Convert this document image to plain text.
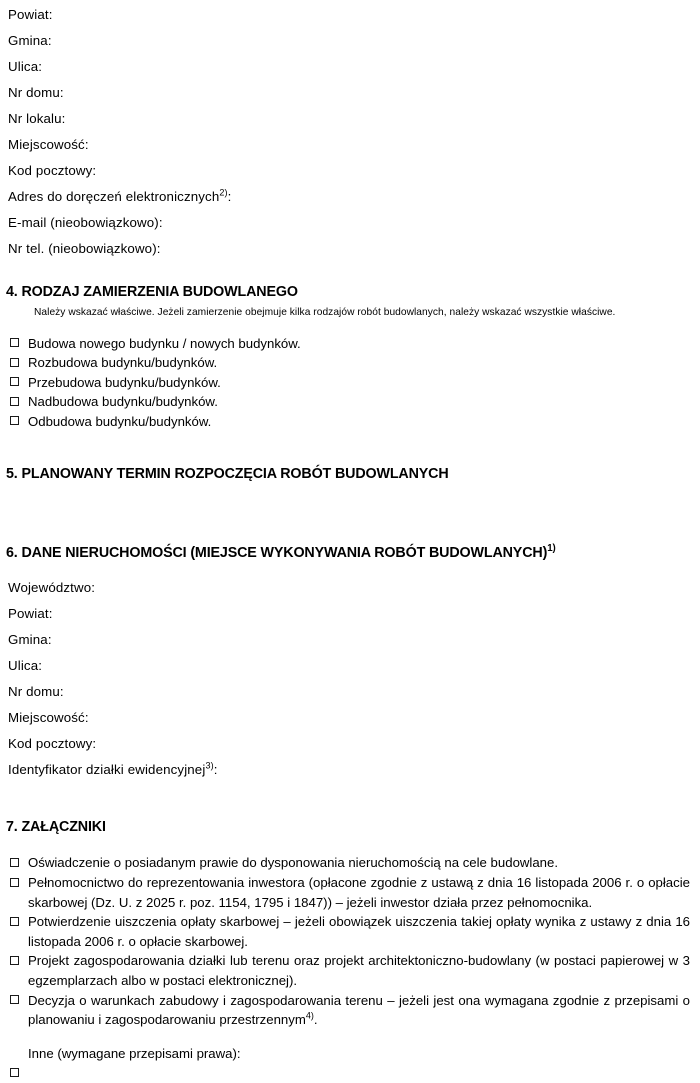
Powiat:
Gmina:
Ulica:
Nr domu:
Nr lokalu:
Miejscowość:
Kod pocztowy:
Adres do doręczeń elektronicznych$^{2)}$:
E-mail (nieobowiązkowo):
Nr tel. (nieobowiązkowo):
4. RODZAJ ZAMIERZENIA BUDOWLANEGO
Należy wskazać właściwe. Jeżeli zamierzenie obejmuje kilka rodzajów robót budowlanych, należy wskazać wszystkie właściwe.
Budowa nowego budynku / nowych budynków.
Rozbudowa budynku/budynków.
Przebudowa budynku/budynków.
Nadbudowa budynku/budynków.
Odbudowa budynku/budynków.
5. PLANOWANY TERMIN ROZPOCZĘCIA ROBÓT BUDOWLANYCH
6. DANE NIERUCHOMOŚCI (MIEJSCE WYKONYWANIA ROBÓT BUDOWLANYCH)$^{1)}$
Województwo:
Powiat:
Gmina:
Ulica:
Nr domu:
Miejscowość:
Kod pocztowy:
Identyfikator działki ewidencyjnej$^{3)}$:
7. ZAŁĄCZNIKI
Oświadczenie o posiadanym prawie do dysponowania nieruchomością na cele budowlane.
Pełnomocnictwo do reprezentowania inwestora (opłacone zgodnie z ustawą z dnia 16 listopada 2006 r. o opłacie skarbowej (Dz. U. z 2025 r. poz. 1154, 1795 i 1847)) – jeżeli inwestor działa przez pełnomocnika.
Potwierdzenie uiszczenia opłaty skarbowej – jeżeli obowiązek uiszczenia takiej opłaty wynika z ustawy z dnia 16 listopada 2006 r. o opłacie skarbowej.
Projekt zagospodarowania działki lub terenu oraz projekt architektoniczno-budowlany (w postaci papierowej w 3 egzemplarzach albo w postaci elektronicznej).
Decyzja o warunkach zabudowy i zagospodarowania terenu – jeżeli jest ona wymagana zgodnie z przepisami o planowaniu i zagospodarowaniu przestrzennym$^{4)}$.
Inne (wymagane przepisami prawa):
